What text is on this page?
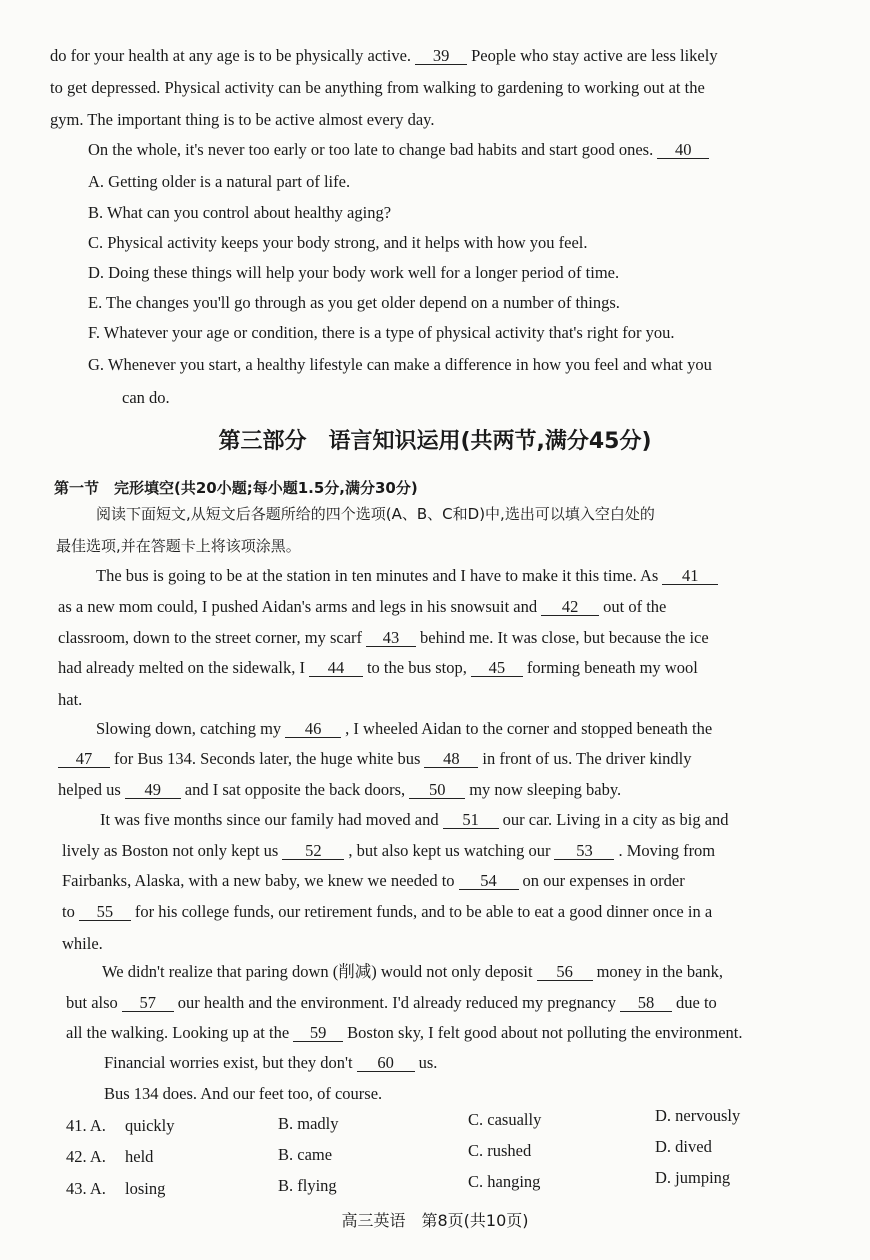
do for your health at any age is to be physically active. 39 People who stay active are less likely
to get depressed. Physical activity can be anything from walking to gardening to working out at the
gym. The important thing is to be active almost every day.
On the whole, it's never too early or too late to change bad habits and start good ones. 40
A. Getting older is a natural part of life.
B. What can you control about healthy aging?
C. Physical activity keeps your body strong, and it helps with how you feel.
D. Doing these things will help your body work well for a longer period of time.
E. The changes you'll go through as you get older depend on a number of things.
F. Whatever your age or condition, there is a type of physical activity that's right for you.
G. Whenever you start, a healthy lifestyle can make a difference in how you feel and what you
can do.
第三部分　语言知识运用(共两节,满分45分)
第一节　完形填空(共20小题;每小题1.5分,满分30分)
阅读下面短文,从短文后各题所给的四个选项(A、B、C和D)中,选出可以填入空白处的
最佳选项,并在答题卡上将该项涂黑。
The bus is going to be at the station in ten minutes and I have to make it this time. As 41
as a new mom could, I pushed Aidan's arms and legs in his snowsuit and 42 out of the
classroom, down to the street corner, my scarf 43 behind me. It was close, but because the ice
had already melted on the sidewalk, I 44 to the bus stop, 45 forming beneath my wool
hat.
Slowing down, catching my 46 , I wheeled Aidan to the corner and stopped beneath the
47 for Bus 134. Seconds later, the huge white bus 48 in front of us. The driver kindly
helped us 49 and I sat opposite the back doors, 50 my now sleeping baby.
It was five months since our family had moved and 51 our car. Living in a city as big and
lively as Boston not only kept us 52 , but also kept us watching our 53 . Moving from
Fairbanks, Alaska, with a new baby, we knew we needed to 54 on our expenses in order
to 55 for his college funds, our retirement funds, and to be able to eat a good dinner once in a
while.
We didn't realize that paring down (削减) would not only deposit 56 money in the bank,
but also 57 our health and the environment. I'd already reduced my pregnancy 58 due to
all the walking. Looking up at the 59 Boston sky, I felt good about not polluting the environment.
Financial worries exist, but they don't 60 us.
Bus 134 does. And our feet too, of course.
41. A. quickly	B. madly	C. casually	D. nervously
42. A. held	B. came	C. rushed	D. dived
43. A. losing	B. flying	C. hanging	D. jumping
高三英语　第8页(共10页)
